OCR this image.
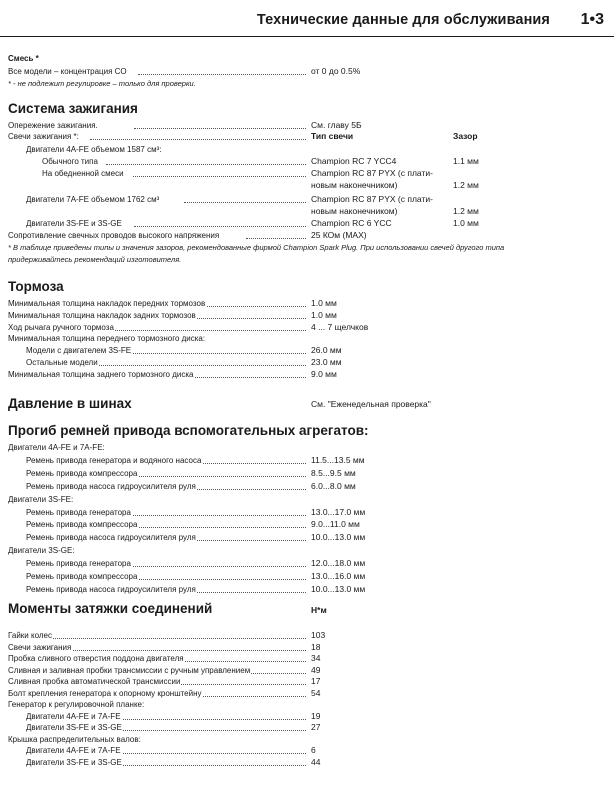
Технические данные для обслуживания 1•3
Смесь *
Все модели – концентрация CO	от 0 до 0.5%
* - не подлежит регулировке – только для проверки.
Система зажигания
Опережение зажигания.	См. главу 5Б
Свечи зажигания *:	Тип свечи	Зазор
Двигатели 4А-FE объемом 1587 см³:
Обычного типа	Champion RC 7 YCC4	1.1 мм
На обедненной смеси	Champion RC 87 PYX (с плати-
новым наконечником)	1.2 мм
Двигатели 7А-FE объемом 1762 см³	Champion RC 87 PYX (с плати-
новым наконечником)	1.2 мм
Двигатели 3S-FE и 3S-GE	Champion RC 6 YCC	1.0 мм
Сопротивление свечных проводов высокого напряжения	25 КОм (MAX)
* В таблице приведены типы и значения зазоров, рекомендованные фирмой Champion Spark Plug. При использовании свечей другого типа
придерживайтесь рекомендаций изготовителя.
Тормоза
Минимальная толщина накладок передних тормозов	1.0 мм
Минимальная толщина накладок задних тормозов	1.0 мм
Ход рычага ручного тормоза	4 ... 7 щелчков
Минимальная толщина переднего тормозного диска:
Модели с двигателем 3S-FE	26.0 мм
Остальные модели	23.0 мм
Минимальная толщина заднего тормозного диска	9.0 мм
Давление в шинах	См. "Еженедельная проверка"
Прогиб ремней привода вспомогательных агрегатов:
Двигатели 4А-FE и 7А-FE:
Ремень привода генератора и водяного насоса	11.5...13.5 мм
Ремень привода компрессора	8.5...9.5 мм
Ремень привода насоса гидроусилителя руля	6.0...8.0 мм
Двигатели 3S-FE:
Ремень привода генератора	13.0...17.0 мм
Ремень привода компрессора	9.0...11.0 мм
Ремень привода насоса гидроусилителя руля	10.0...13.0 мм
Двигатели 3S-GE:
Ремень привода генератора	12.0...18.0 мм
Ремень привода компрессора	13.0...16.0 мм
Ремень привода насоса гидроусилителя руля	10.0...13.0 мм
Моменты затяжки соединений	Н*м
Гайки колес	103
Свечи зажигания	18
Пробка сливного отверстия поддона двигателя	34
Сливная и заливная пробки трансмиссии с ручным управлением	49
Сливная пробка автоматической трансмиссии	17
Болт крепления генератора к опорному кронштейну	54
Генератор к регулировочной планке:
Двигатели 4А-FE и 7А-FE	19
Двигатели 3S-FE и 3S-GE	27
Крышка распределительных валов:
Двигатели 4А-FE и 7А-FE	6
Двигатели 3S-FE и 3S-GE	44
